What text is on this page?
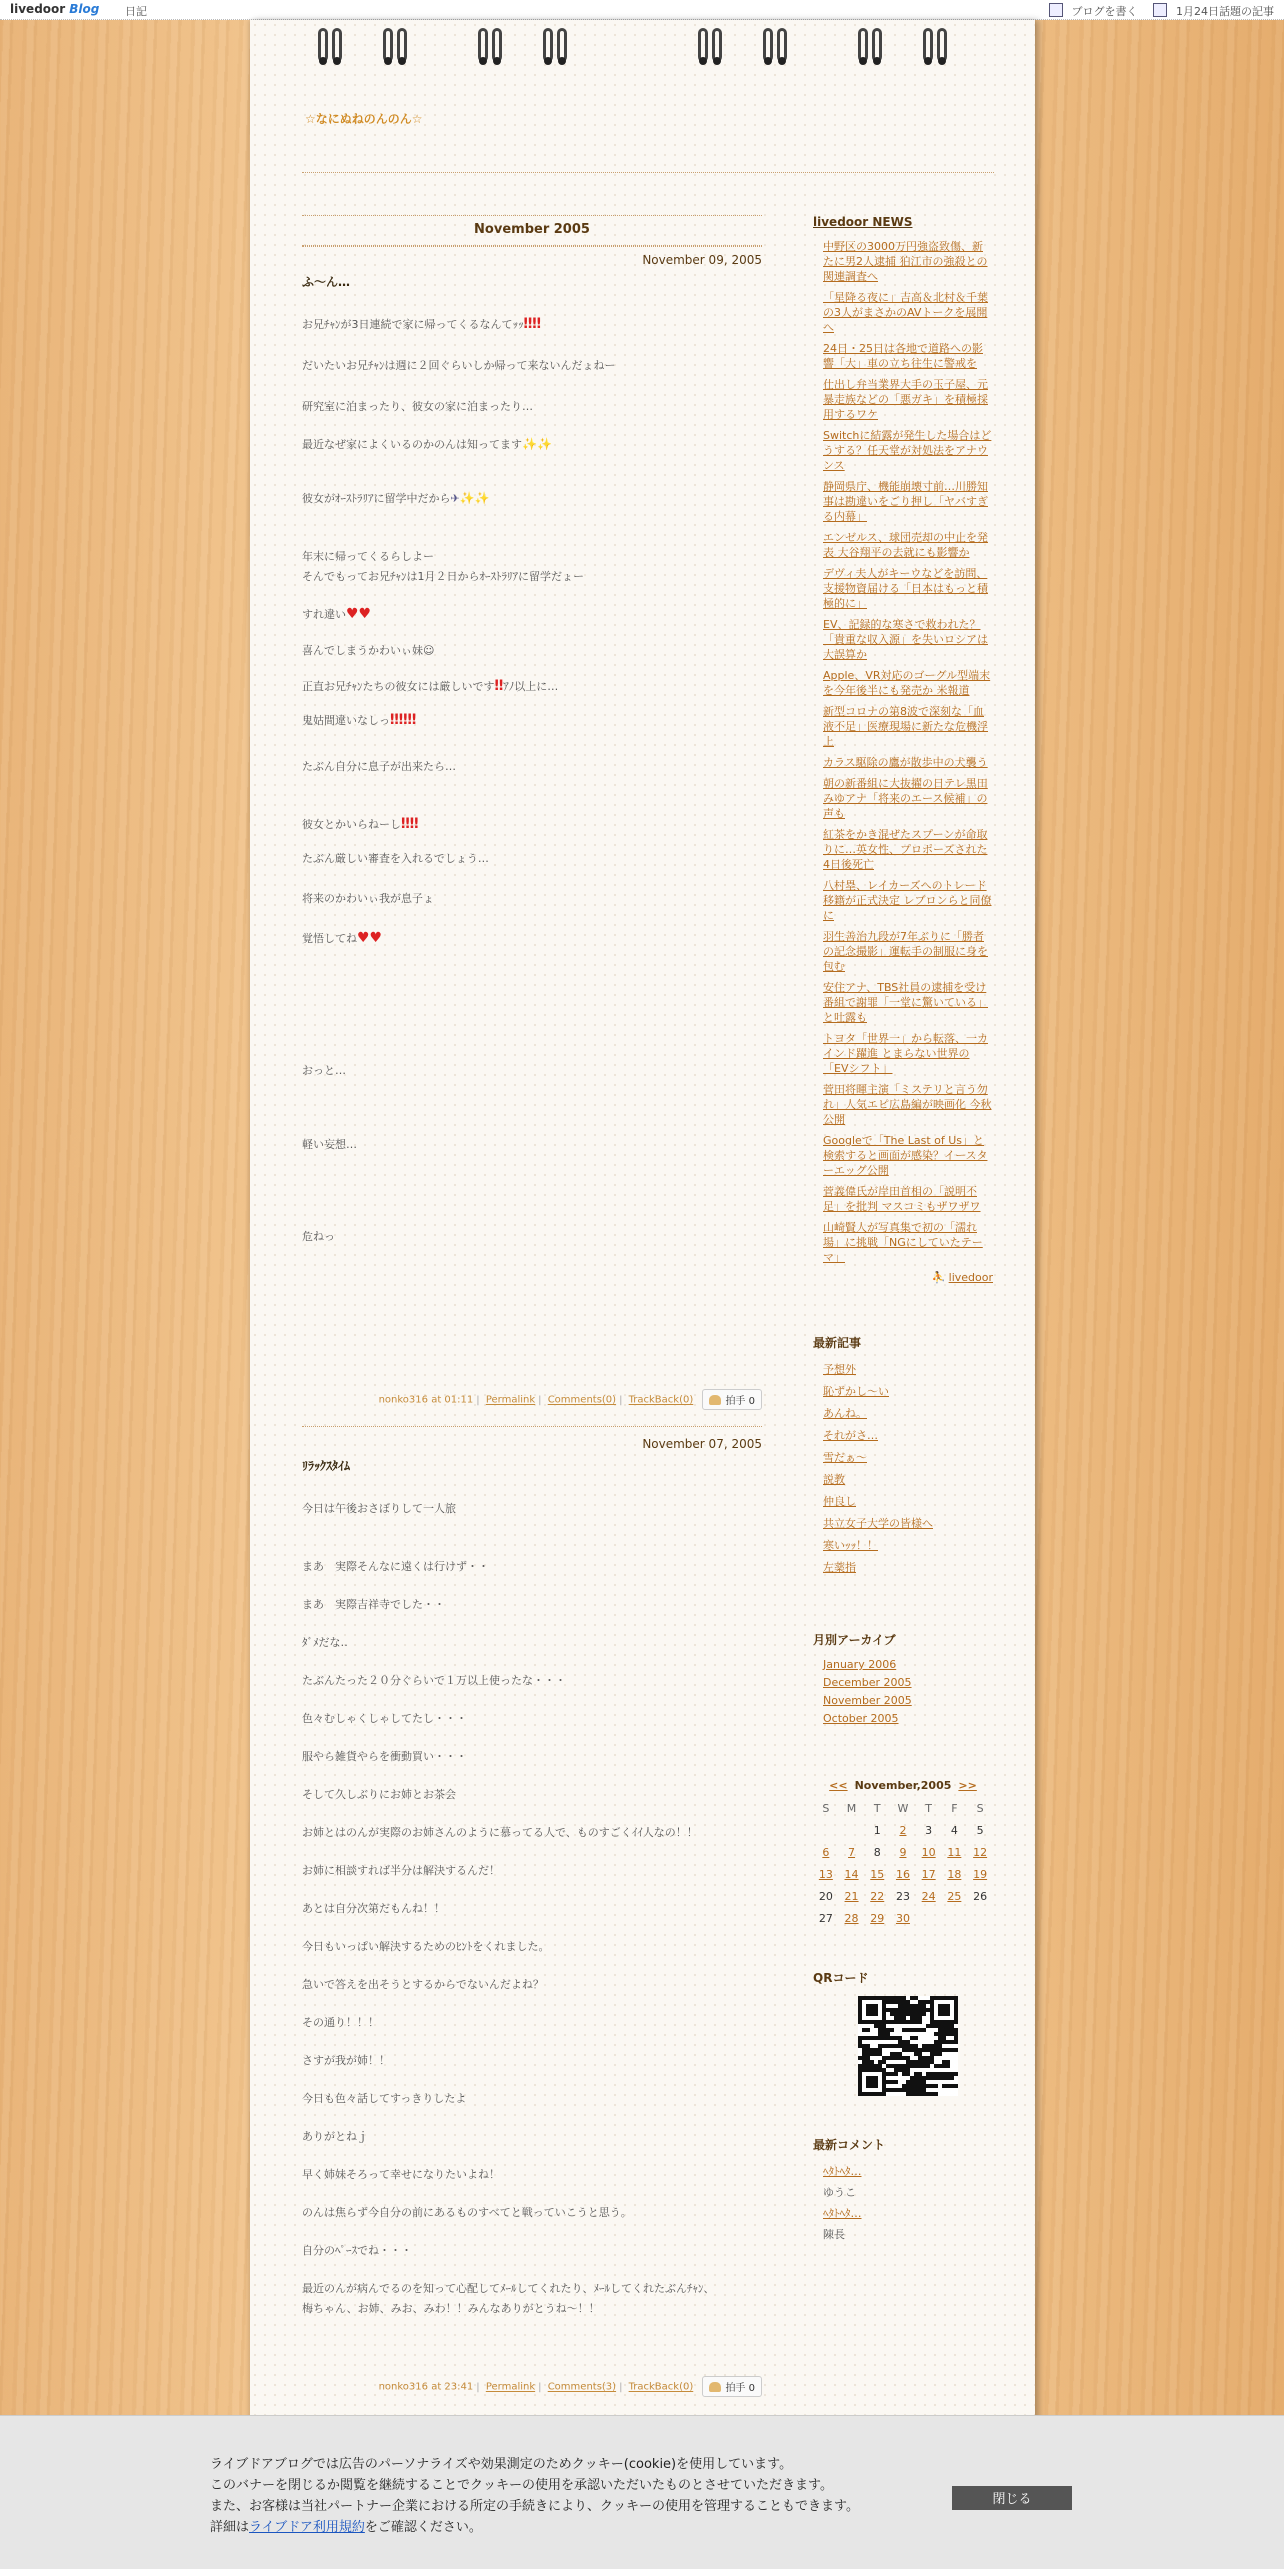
livedoor Blog 日記	ブログを書く	1月24日話題の記事
☆なにぬねのんのん☆
November 2005
November 09, 2005
ふ～ん…
お兄ﾁｬﾝが3日連続で家に帰ってくるなんてｯｯ‼‼
だいたいお兄ﾁｬﾝは週に２回ぐらいしか帰って来ないんだょねー
研究室に泊まったり、彼女の家に泊まったり…
最近なぜ家によくいるのかのんは知ってます✨✨
彼女がｵｰｽﾄﾗﾘｱに留学中だから✈✨✨
年末に帰ってくるらしよー
そんでもってお兄ﾁｬﾝは1月２日からｵｰｽﾄﾗﾘｱに留学だょー
すれ違い♥♥
喜んでしまうかわいぃ妹☺
正直お兄ﾁｬﾝたちの彼女には厳しいです‼ｱﾉ以上に…
鬼姑間違いなしっ‼‼‼
たぶん自分に息子が出来たら…
彼女とかいらねーし‼‼
たぶん厳しい審査を入れるでしょう…
将来のかわいぃ我が息子ょ
覚悟してね♥♥
おっと…
軽い妄想…
危ねっ
nonko316 at 01:11 | Permalink | Comments(0) | TrackBack(0)	拍手 0
November 07, 2005
ﾘﾗｯｸｽﾀｲﾑ
今日は午後おさぼりして一人旅
まあ　実際そんなに遠くは行けず・・
まあ　実際吉祥寺でした・・
ﾀﾞﾒだな‥
たぶんたった２０分ぐらいで１万以上使ったな・・・
色々むしゃくしゃしてたし・・・
服やら雑貨やらを衝動買い・・・
そして久しぶりにお姉とお茶会
お姉とはのんが実際のお姉さんのように慕ってる人で、ものすごくｲｲ人なの！！
お姉に相談すれば半分は解決するんだ！
あとは自分次第だもんね！！
今日もいっぱい解決するためのﾋﾝﾄをくれました。
急いで答えを出そうとするからでないんだよね？
その通り！！！
さすが我が姉！！
今日も色々話してすっきりしたよ
ありがとねｊ
早く姉妹そろって幸せになりたいよね！
のんは焦らず今自分の前にあるものすべてと戦っていこうと思う。
自分のﾍﾟｰｽでね・・・
最近のんが病んでるのを知って心配してﾒｰﾙしてくれたり、ﾒｰﾙしてくれたぶんﾁｬﾝ、
梅ちゃん、お姉、みお、みわ！！みんなありがとうね～！！
nonko316 at 23:41 | Permalink | Comments(3) | TrackBack(0)	拍手 0
livedoor NEWS
中野区の3000万円強盗致傷、新たに男2人逮捕 狛江市の強殺との関連調査へ
「星降る夜に」吉高＆北村＆千葉の3人がまさかのAVトークを展開へ
24日・25日は各地で道路への影響「大」車の立ち往生に警戒を
仕出し弁当業界大手の玉子屋、元暴走族などの「悪ガキ」を積極採用するワケ
Switchに結露が発生した場合はどうする？任天堂が対処法をアナウンス
静岡県庁、機能崩壊寸前…川勝知事は勘違いをごり押し「ヤバすぎる内幕」
エンゼルス、球団売却の中止を発表 大谷翔平の去就にも影響か
デヴィ夫人がキーウなどを訪問、支援物資届ける「日本はもっと積極的に」
EV、記録的な寒さで救われた？「貴重な収入源」を失いロシアは大誤算か
Apple、VR対応のゴーグル型端末を今年後半にも発売か 米報道
新型コロナの第8波で深刻な「血液不足」医療現場に新たな危機浮上
カラス駆除の鷹が散歩中の犬襲う
朝の新番組に大抜擢の日テレ黒田みゆアナ「将来のエース候補」の声も
紅茶をかき混ぜたスプーンが命取りに…英女性、プロポーズされた4日後死亡
八村塁、レイカーズへのトレード移籍が正式決定 レブロンらと同僚に
羽生善治九段が7年ぶりに「勝者の記念撮影」運転手の制服に身を包む
安住アナ、TBS社員の逮捕を受け番組で謝罪「一堂に驚いている」と吐露も
トヨタ「世界一」から転落、一カインド躍進 とまらない世界の「EVシフト」
菅田将暉主演「ミステリと言う勿れ」人気エピ広島編が映画化 今秋公開
Googleで「The Last of Us」と検索すると画面が感染？イースターエッグ公開
菅義偉氏が岸田首相の「説明不足」を批判 マスコミもザワザワ
山崎賢人が写真集で初の「濡れ場」に挑戦「NGにしていたテーマ」
⛹ livedoor
最新記事
予想外
恥ずかし～い
あんね。
それがさ…
雪だぁ～
説教
仲良し
共立女子大学の皆様へ
寒いｯｯ！！
左薬指
月別アーカイブ
January 2006
December 2005
November 2005
October 2005
<< November,2005 >>						
S	M	T	W	T	F	S
		1	2	3	4	5
6	7	8	9	10	11	12
13	14	15	16	17	18	19
20	21	22	23	24	25	26
27	28	29	30			
QRコード
最新コメント
ﾍﾀﾄﾍﾀ…
ゆうこ
ﾍﾀﾄﾍﾀ…
陳長
ライブドアブログでは広告のパーソナライズや効果測定のためクッキー(cookie)を使用しています。
このバナーを閉じるか閲覧を継続することでクッキーの使用を承認いただいたものとさせていただきます。
また、お客様は当社パートナー企業における所定の手続きにより、クッキーの使用を管理することもできます。
詳細はライブドア利用規約をご確認ください。
閉じる
